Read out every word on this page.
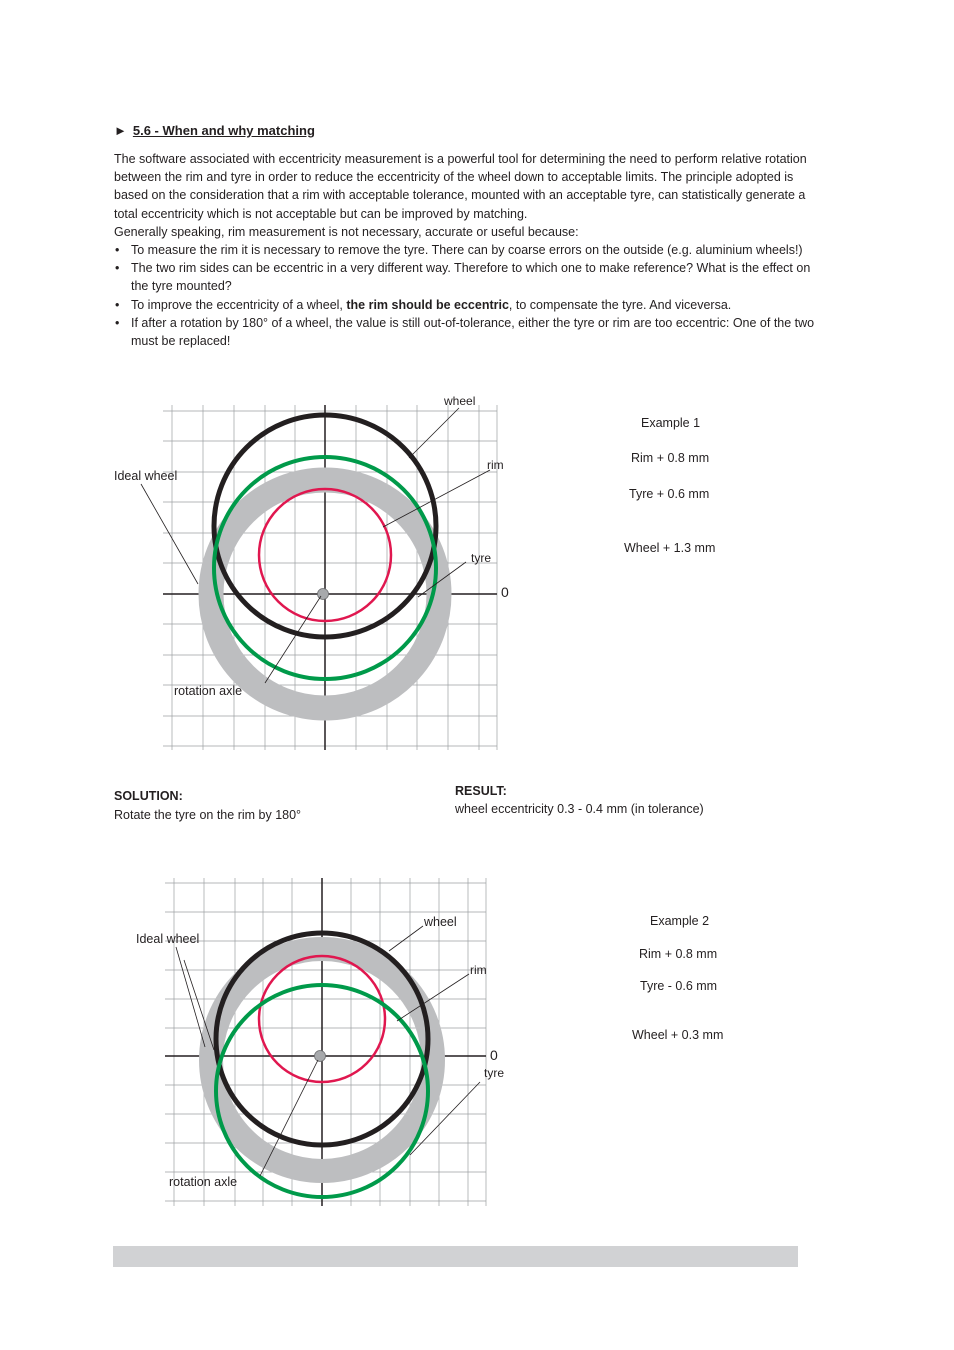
► 5.6 - When and why matching

The software associated with eccentricity measurement is a powerful tool for determining the need to perform relative rotation between the rim and tyre in order to reduce the eccentricity of the wheel down to acceptable limits. The principle adopted is based on the consideration that a rim with acceptable tolerance, mounted with an acceptable tyre, can statistically generate a total eccentricity which is not acceptable but can be improved by matching.

Generally speaking, rim measurement is not necessary, accurate or useful because:

• To measure the rim it is necessary to remove the tyre. There can by coarse errors on the outside (e.g. aluminium wheels!)
• The two rim sides can be eccentric in a very different way. Therefore to which one to make reference? What is the effect on the tyre mounted?
• To improve the eccentricity of a wheel, the rim should be eccentric, to compensate the tyre. And viceversa.
• If after a rotation by 180° of a wheel, the value is still out-of-tolerance, either the tyre or rim are too eccentric: One of the two must be replaced!
wheel
rim
Ideal wheel
tyre
0
rotation axle
Example 1
Rim + 0.8 mm
Tyre + 0.6 mm
Wheel + 1.3 mm
SOLUTION:
Rotate the tyre on the rim by 180°
RESULT:
wheel eccentricity 0.3 - 0.4 mm (in tolerance)
wheel
rim
Ideal wheel
tyre
0
rotation axle
Example 2
Rim + 0.8 mm
Tyre - 0.6 mm
Wheel + 0.3 mm
